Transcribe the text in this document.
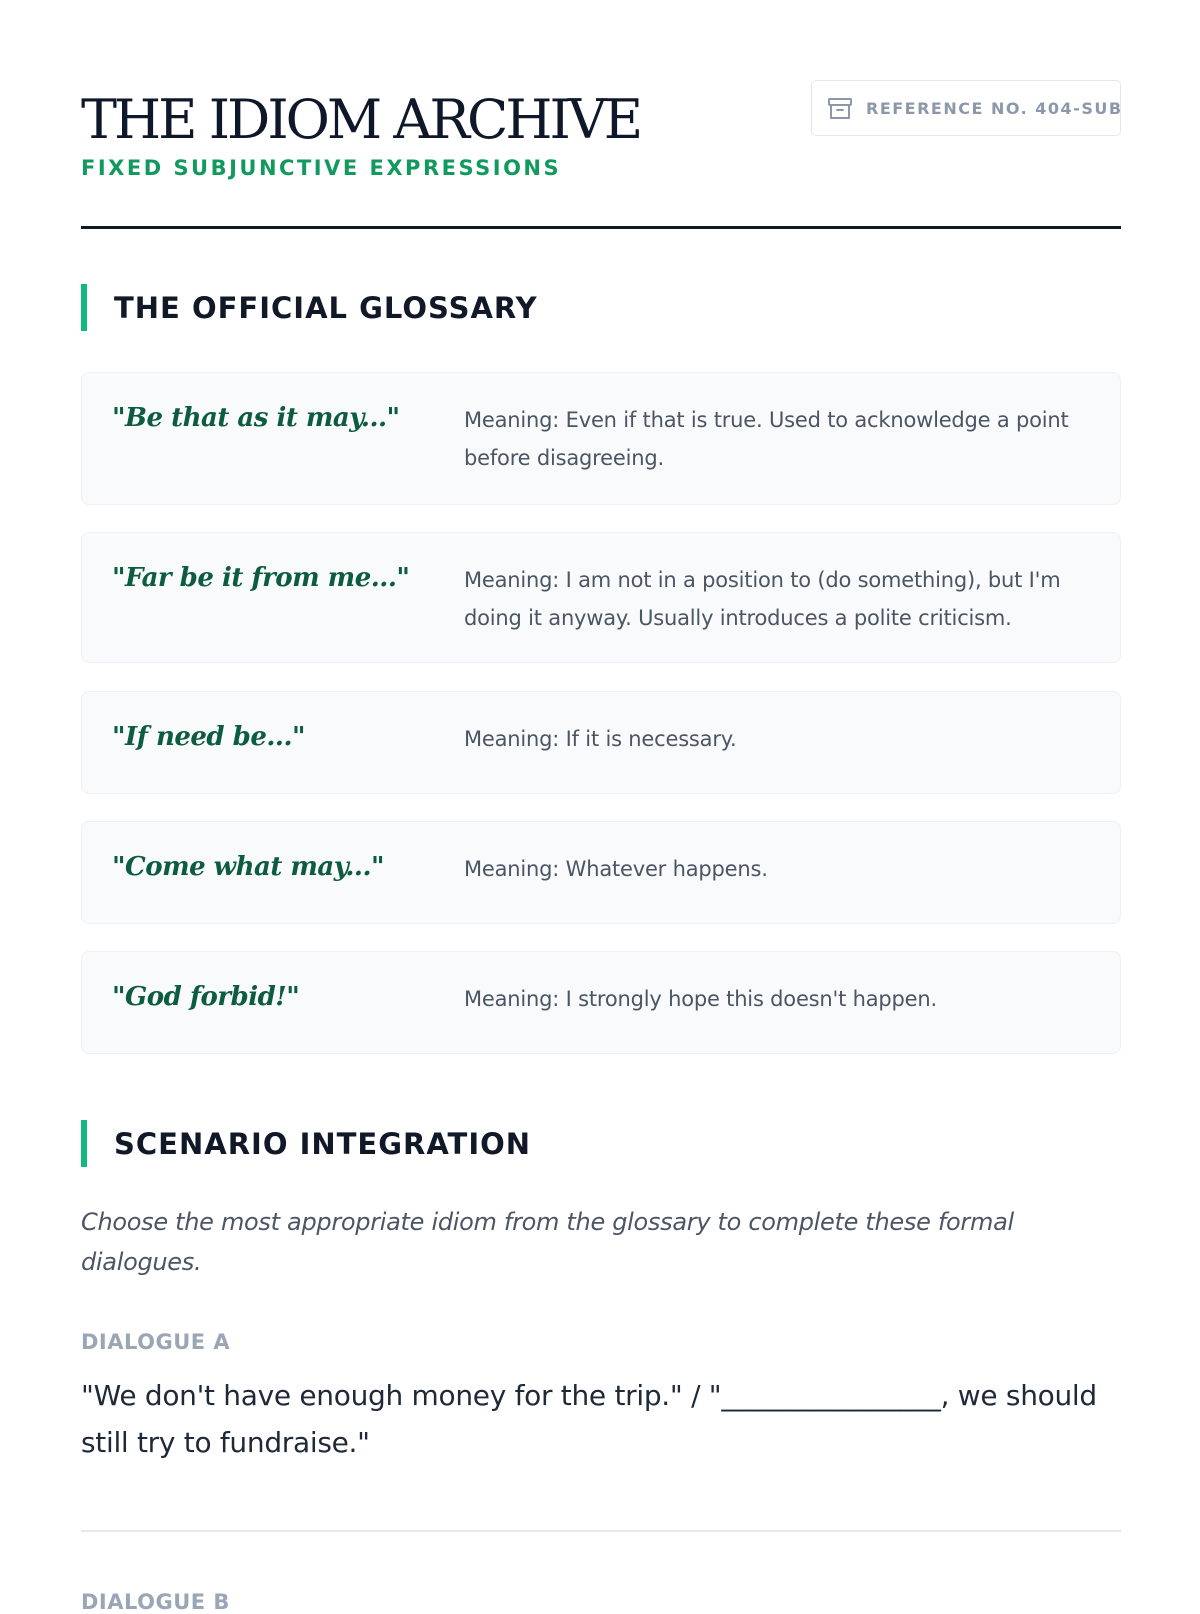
THE IDIOM ARCHIVE
FIXED SUBJUNCTIVE EXPRESSIONS
REFERENCE NO. 404-SUB
THE OFFICIAL GLOSSARY
"Be that as it may..."	Meaning: Even if that is true. Used to acknowledge a point before disagreeing.
"Far be it from me..."	Meaning: I am not in a position to (do something), but I'm doing it anyway. Usually introduces a polite criticism.
"If need be..."	Meaning: If it is necessary.
"Come what may..."	Meaning: Whatever happens.
"God forbid!"	Meaning: I strongly hope this doesn't happen.
SCENARIO INTEGRATION
Choose the most appropriate idiom from the glossary to complete these formal dialogues.
DIALOGUE A
"We don't have enough money for the trip." / "________________, we should still try to fundraise."
DIALOGUE B
